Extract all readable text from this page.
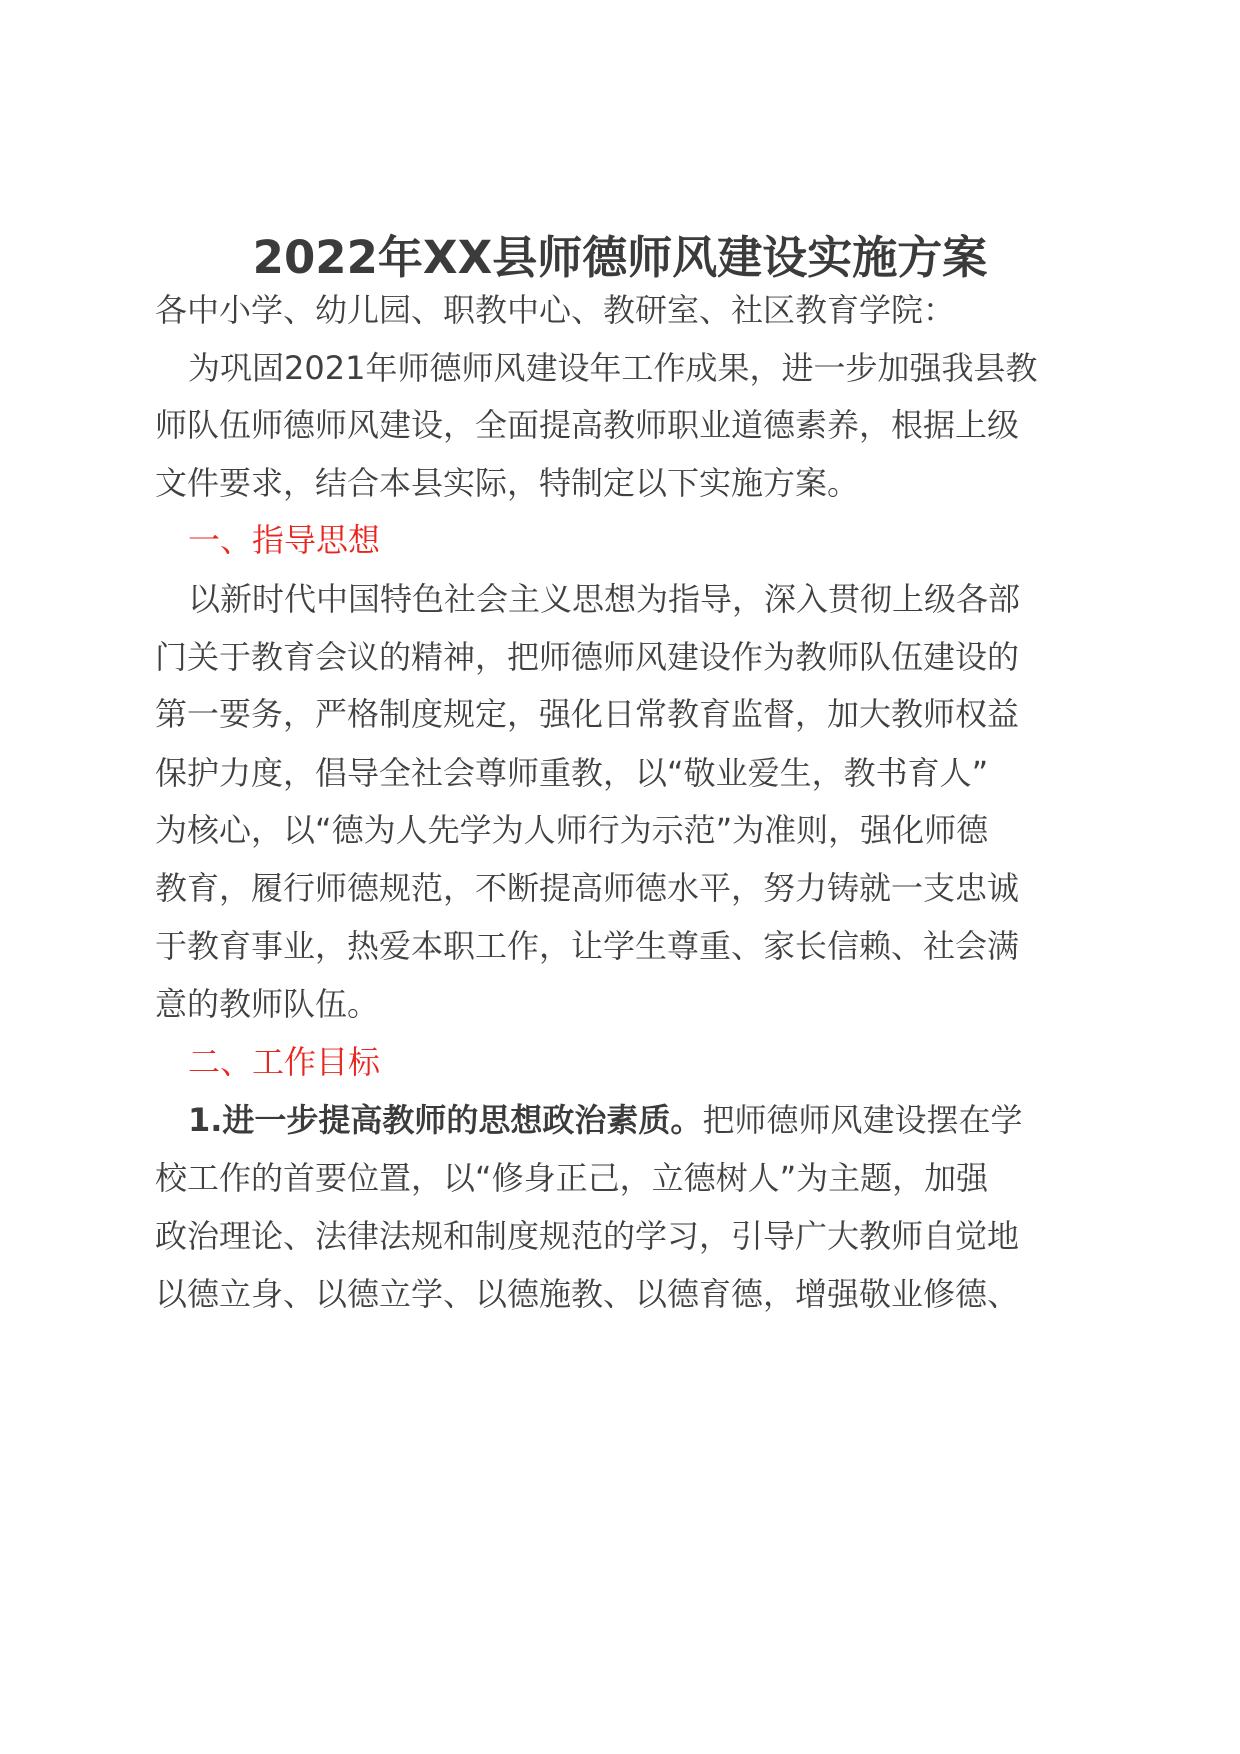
2022年XX县师德师风建设实施方案
各中小学、幼儿园、职教中心、教研室、社区教育学院：
为巩固2021年师德师风建设年工作成果，进一步加强我县教
师队伍师德师风建设，全面提高教师职业道德素养，根据上级
文件要求，结合本县实际，特制定以下实施方案。
一、指导思想
以新时代中国特色社会主义思想为指导，深入贯彻上级各部
门关于教育会议的精神，把师德师风建设作为教师队伍建设的
第一要务，严格制度规定，强化日常教育监督，加大教师权益
保护力度，倡导全社会尊师重教，以“敬业爱生，教书育人”
为核心，以“德为人先学为人师行为示范”为准则，强化师德
教育，履行师德规范，不断提高师德水平，努力铸就一支忠诚
于教育事业，热爱本职工作，让学生尊重、家长信赖、社会满
意的教师队伍。
二、工作目标
1.进一步提高教师的思想政治素质。把师德师风建设摆在学
校工作的首要位置，以“修身正己，立德树人”为主题，加强
政治理论、法律法规和制度规范的学习，引导广大教师自觉地
以德立身、以德立学、以德施教、以德育德，增强敬业修德、
